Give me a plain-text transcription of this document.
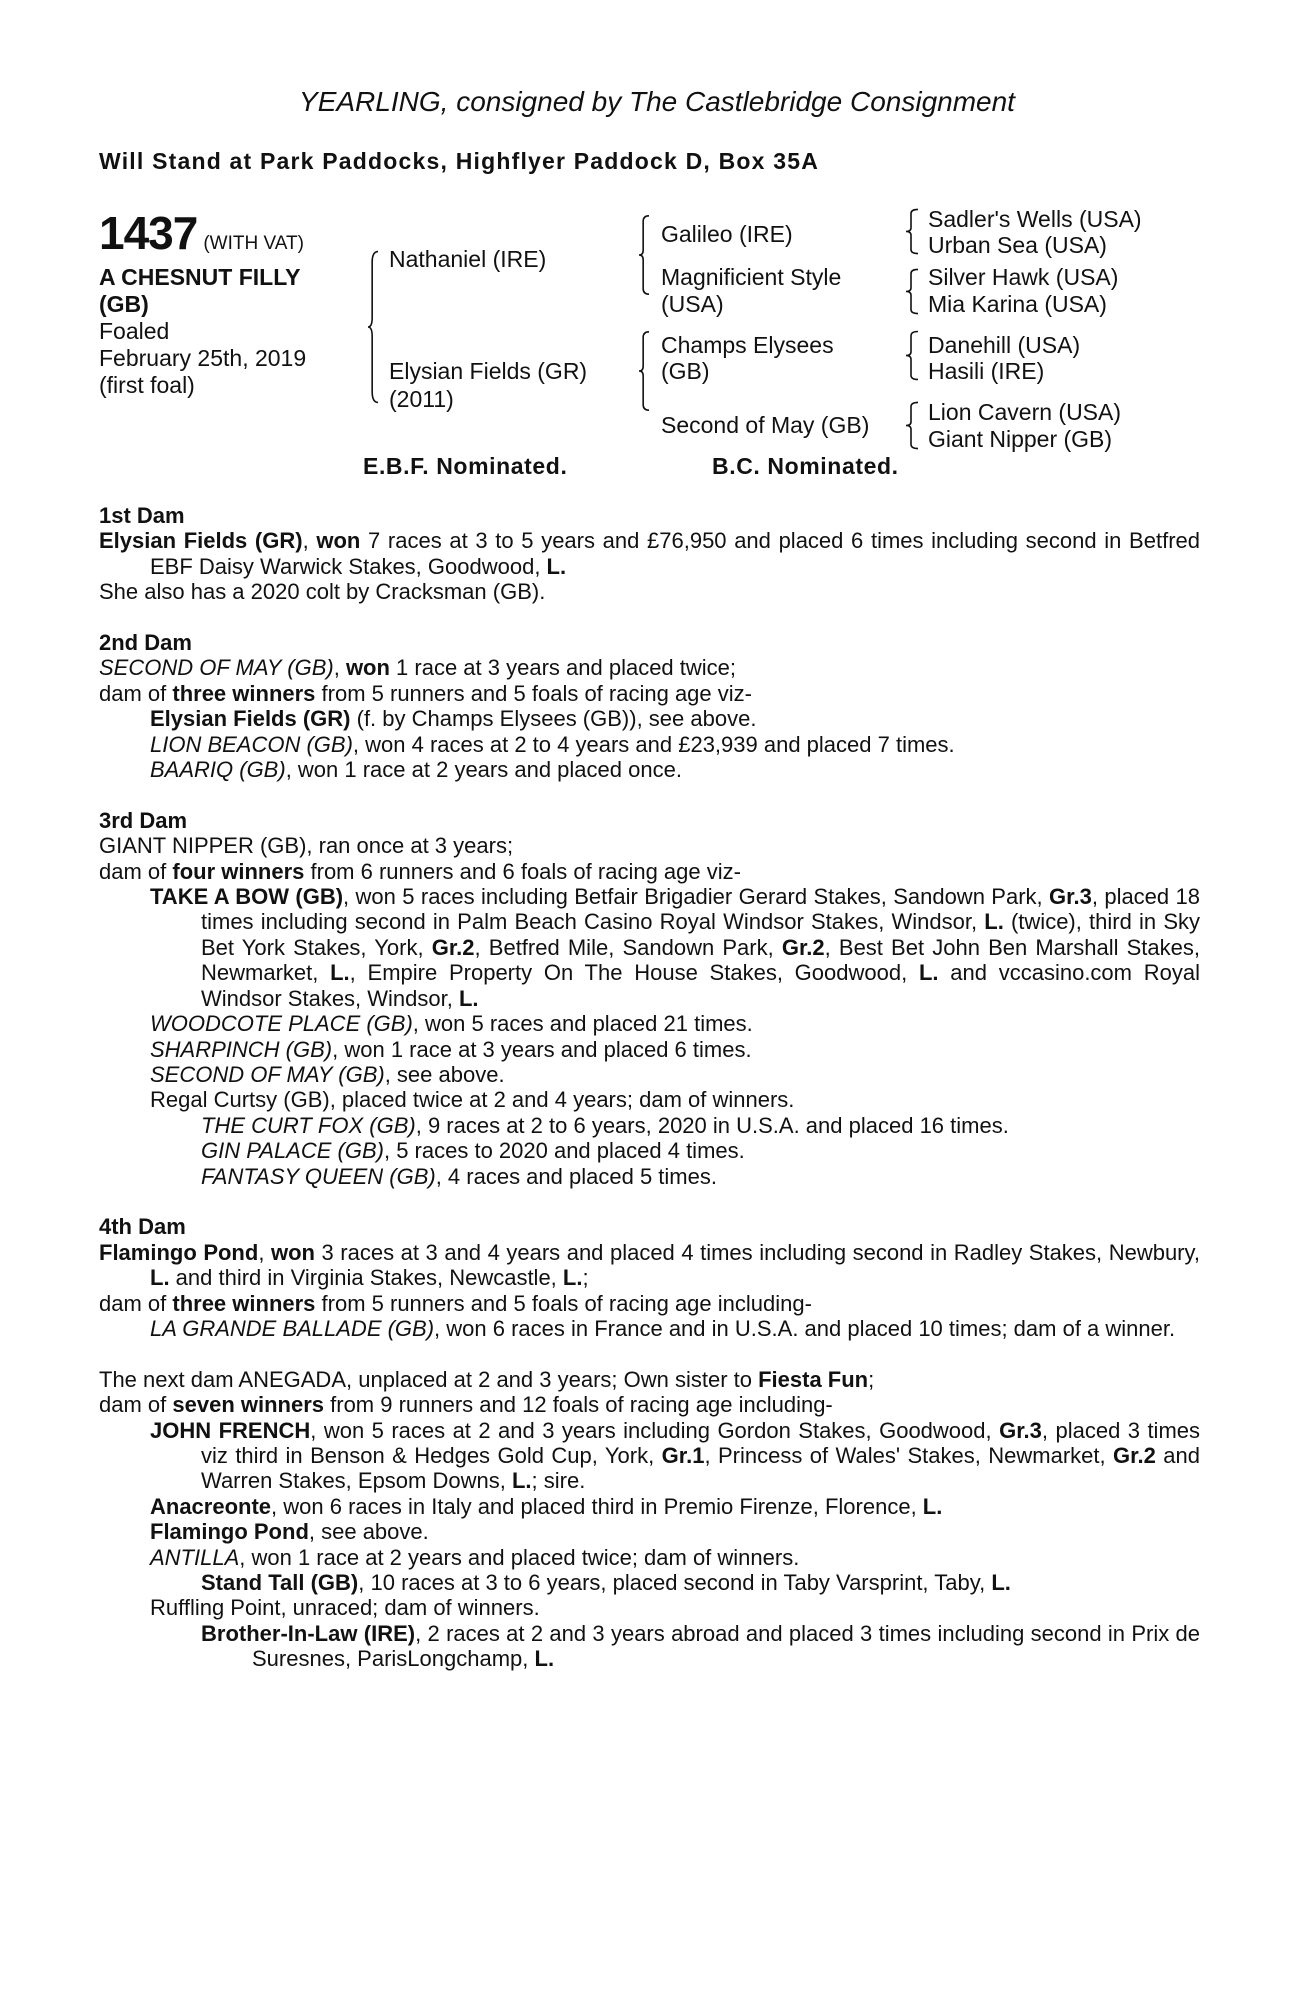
YEARLING, consigned by The Castlebridge Consignment
Will Stand at Park Paddocks, Highflyer Paddock D, Box 35A
1437 (WITH VAT)
A CHESNUT FILLY
(GB)
Foaled
February 25th, 2019
(first foal)
Nathaniel (IRE)
Elysian Fields (GR)
(2011)
Galileo (IRE)
Magnificient Style
(USA)
Champs Elysees
(GB)
Second of May (GB)
Sadler's Wells (USA)
Urban Sea (USA)
Silver Hawk (USA)
Mia Karina (USA)
Danehill (USA)
Hasili (IRE)
Lion Cavern (USA)
Giant Nipper (GB)
E.B.F. Nominated.	B.C. Nominated.
1st Dam
Elysian Fields (GR), won 7 races at 3 to 5 years and £76,950 and placed 6 times including second in Betfred EBF Daisy Warwick Stakes, Goodwood, L.
She also has a 2020 colt by Cracksman (GB).
2nd Dam
SECOND OF MAY (GB), won 1 race at 3 years and placed twice;
dam of three winners from 5 runners and 5 foals of racing age viz-
Elysian Fields (GR) (f. by Champs Elysees (GB)), see above.
LION BEACON (GB), won 4 races at 2 to 4 years and £23,939 and placed 7 times.
BAARIQ (GB), won 1 race at 2 years and placed once.
3rd Dam
GIANT NIPPER (GB), ran once at 3 years;
dam of four winners from 6 runners and 6 foals of racing age viz-
TAKE A BOW (GB), won 5 races including Betfair Brigadier Gerard Stakes, Sandown Park, Gr.3, placed 18 times including second in Palm Beach Casino Royal Windsor Stakes, Windsor, L. (twice), third in Sky Bet York Stakes, York, Gr.2, Betfred Mile, Sandown Park, Gr.2, Best Bet John Ben Marshall Stakes, Newmarket, L., Empire Property On The House Stakes, Goodwood, L. and vccasino.com Royal Windsor Stakes, Windsor, L.
WOODCOTE PLACE (GB), won 5 races and placed 21 times.
SHARPINCH (GB), won 1 race at 3 years and placed 6 times.
SECOND OF MAY (GB), see above.
Regal Curtsy (GB), placed twice at 2 and 4 years; dam of winners.
THE CURT FOX (GB), 9 races at 2 to 6 years, 2020 in U.S.A. and placed 16 times.
GIN PALACE (GB), 5 races to 2020 and placed 4 times.
FANTASY QUEEN (GB), 4 races and placed 5 times.
4th Dam
Flamingo Pond, won 3 races at 3 and 4 years and placed 4 times including second in Radley Stakes, Newbury, L. and third in Virginia Stakes, Newcastle, L.;
dam of three winners from 5 runners and 5 foals of racing age including-
LA GRANDE BALLADE (GB), won 6 races in France and in U.S.A. and placed 10 times; dam of a winner.
The next dam ANEGADA, unplaced at 2 and 3 years; Own sister to Fiesta Fun;
dam of seven winners from 9 runners and 12 foals of racing age including-
JOHN FRENCH, won 5 races at 2 and 3 years including Gordon Stakes, Goodwood, Gr.3, placed 3 times viz third in Benson & Hedges Gold Cup, York, Gr.1, Princess of Wales' Stakes, Newmarket, Gr.2 and Warren Stakes, Epsom Downs, L.; sire.
Anacreonte, won 6 races in Italy and placed third in Premio Firenze, Florence, L.
Flamingo Pond, see above.
ANTILLA, won 1 race at 2 years and placed twice; dam of winners.
Stand Tall (GB), 10 races at 3 to 6 years, placed second in Taby Varsprint, Taby, L.
Ruffling Point, unraced; dam of winners.
Brother-In-Law (IRE), 2 races at 2 and 3 years abroad and placed 3 times including second in Prix de Suresnes, ParisLongchamp, L.
